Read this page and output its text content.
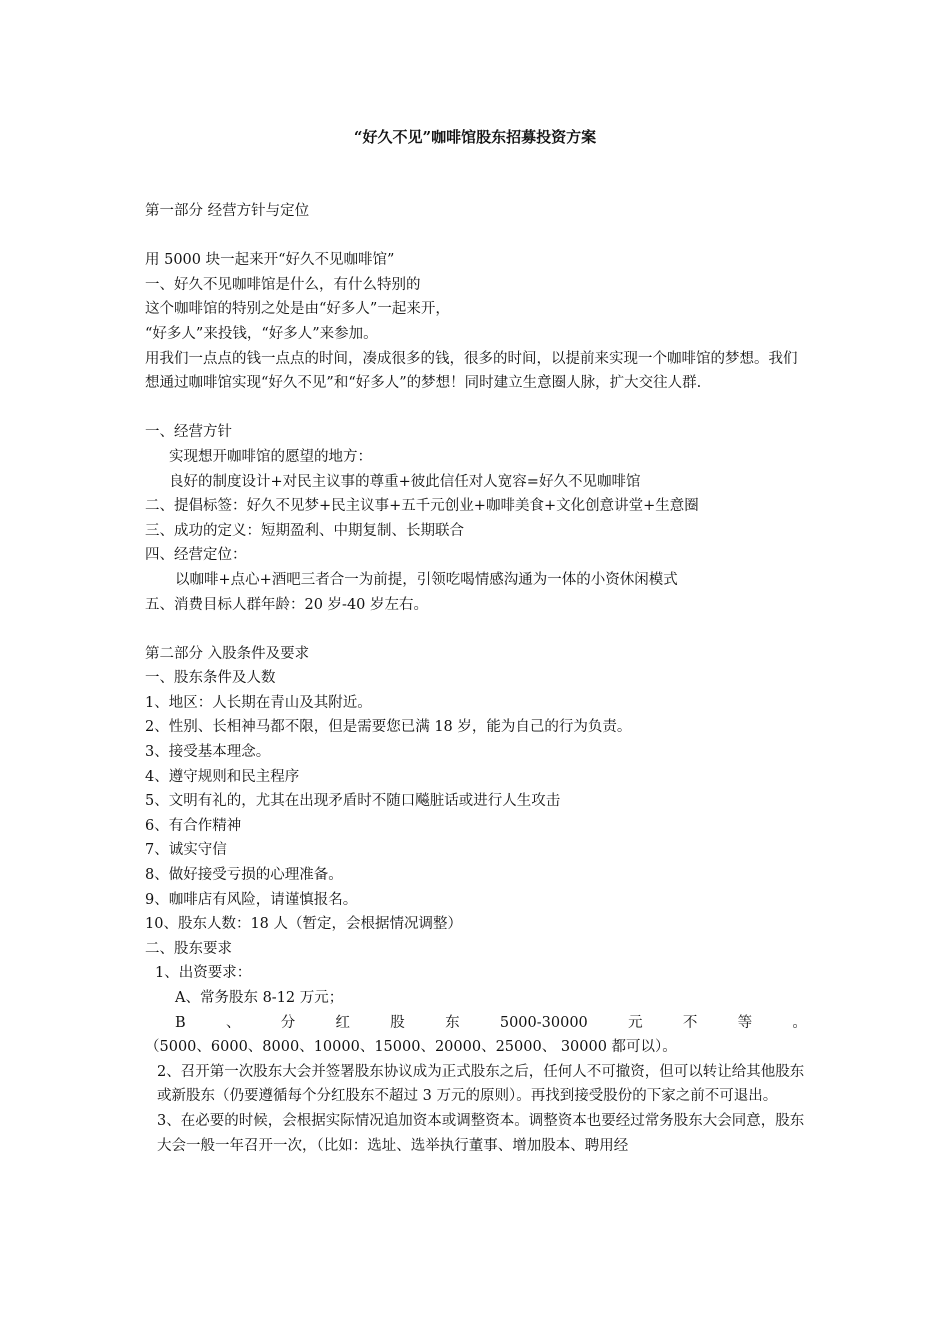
“好久不见”咖啡馆股东招募投资方案

第一部分 经营方针与定位

用 5000 块一起来开“好久不见咖啡馆”

一、好久不见咖啡馆是什么，有什么特别的

这个咖啡馆的特别之处是由“好多人”一起来开，

“好多人”来投钱，“好多人”来参加。

用我们一点点的钱一点点的时间，凑成很多的钱，很多的时间，以提前来实现一个咖啡馆的梦想。我们想通过咖啡馆实现“好久不见”和“好多人”的梦想！同时建立生意圈人脉，扩大交往人群.

一、经营方针

实现想开咖啡馆的愿望的地方：

良好的制度设计+对民主议事的尊重+彼此信任对人宽容=好久不见咖啡馆

二、提倡标签：好久不见梦+民主议事+五千元创业+咖啡美食+文化创意讲堂+生意圈

三、成功的定义：短期盈利、中期复制、长期联合

四、经营定位：

以咖啡+点心+酒吧三者合一为前提，引领吃喝情感沟通为一体的小资休闲模式

五、消费目标人群年龄：20 岁-40 岁左右。

第二部分 入股条件及要求

一、股东条件及人数

1、地区：人长期在青山及其附近。

2、性别、长相神马都不限，但是需要您已满 18 岁，能为自己的行为负责。

3、接受基本理念。

4、遵守规则和民主程序

5、文明有礼的，尤其在出现矛盾时不随口飚脏话或进行人生攻击

6、有合作精神

7、诚实守信

8、做好接受亏损的心理准备。

9、咖啡店有风险，请谨慎报名。

10、股东人数：18 人（暂定，会根据情况调整）

二、股东要求

1、出资要求：

A、常务股东 8-12 万元；

B	、	分	红	股	东	5000-30000	元	不	等	。

（5000、6000、8000、10000、15000、20000、25000、 30000 都可以）。

2、召开第一次股东大会并签署股东协议成为正式股东之后，任何人不可撤资，但可以转让给其他股东或新股东（仍要遵循每个分红股东不超过 3 万元的原则）。再找到接受股份的下家之前不可退出。

3、在必要的时候，会根据实际情况追加资本或调整资本。调整资本也要经过常务股东大会同意，股东大会一般一年召开一次，（比如：选址、选举执行董事、增加股本、聘用经
